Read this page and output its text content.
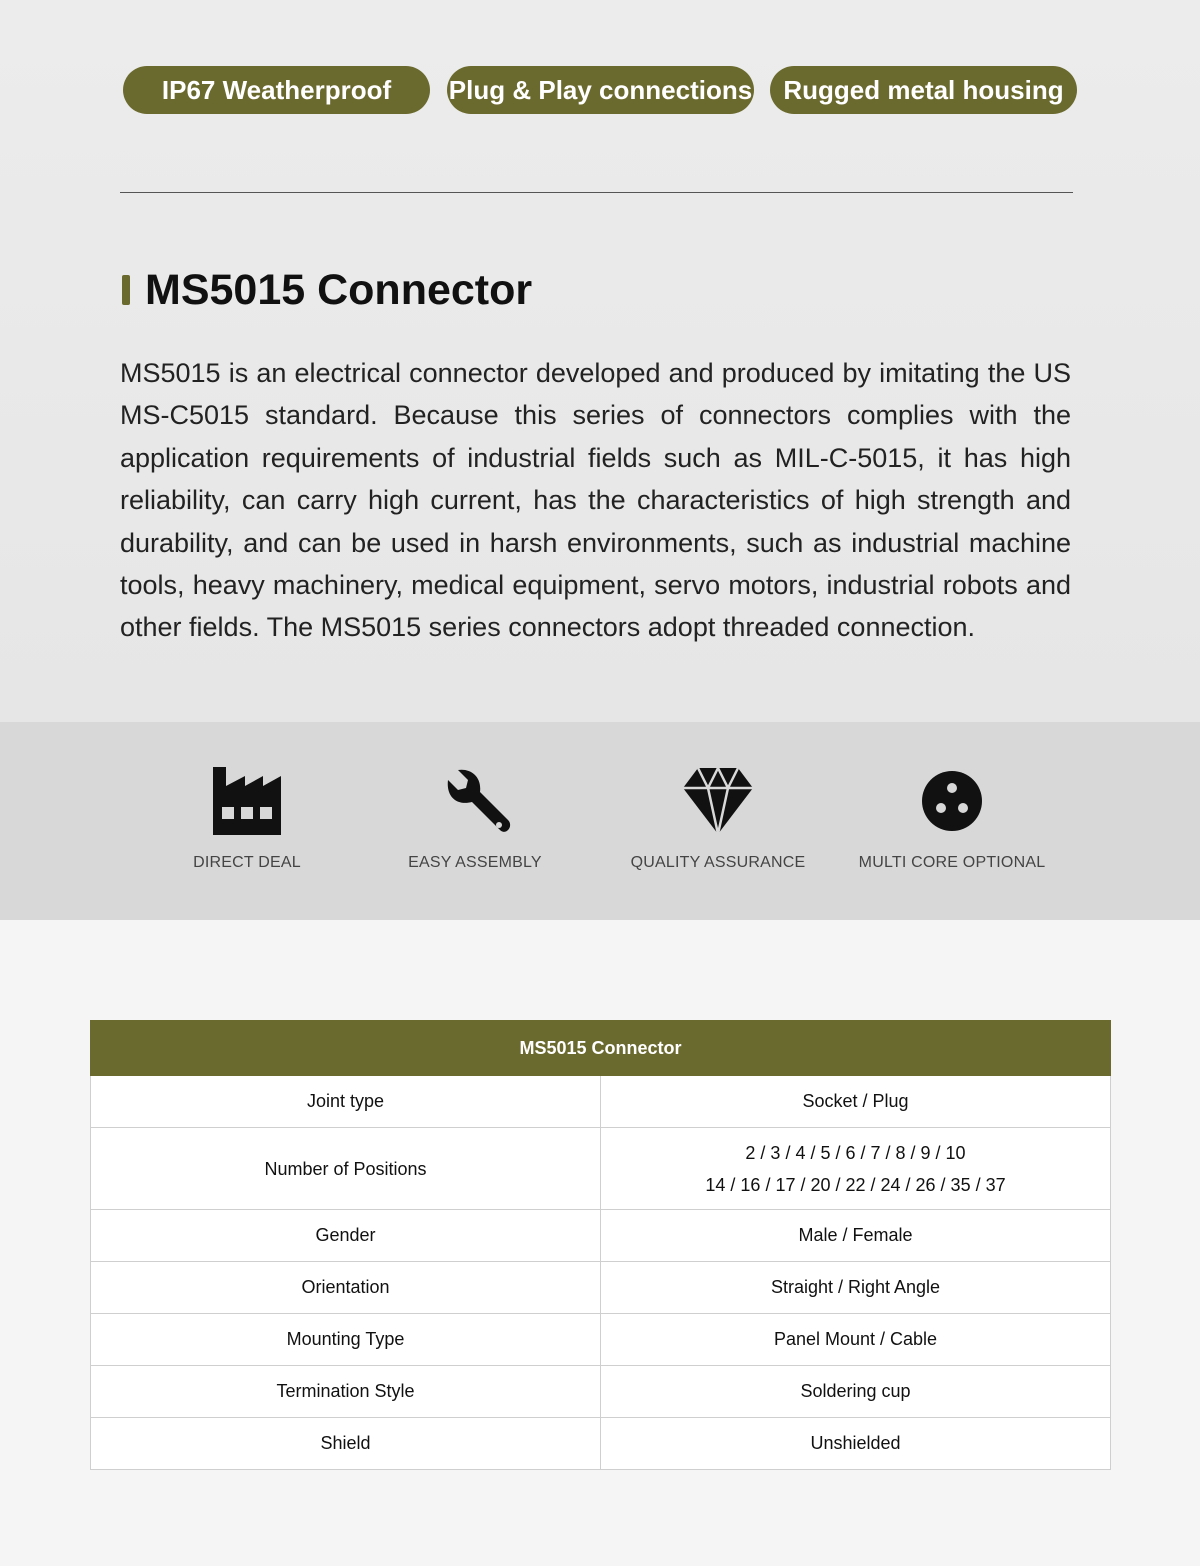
IP67 Weatherproof	Plug & Play connections	Rugged metal housing
MS5015 Connector

MS5015 is an electrical connector developed and produced by imitating the US MS-C5015 standard. Because this series of connectors complies with the application requirements of industrial fields such as MIL-C-5015, it has high reliability, can carry high current, has the characteristics of high strength and durability, and can be used in harsh environments, such as industrial machine tools, heavy machinery, medical equipment, servo motors, industrial robots and other fields. The MS5015 series connectors adopt threaded connection.

DIRECT DEAL	EASY ASSEMBLY	QUALITY ASSURANCE	MULTI CORE OPTIONAL
MS5015 Connector	
Joint type	Socket / Plug
Number of Positions	2 / 3 / 4 / 5 / 6 / 7 / 8 / 9 / 10
14 / 16 / 17 / 20 / 22 / 24 / 26 / 35 / 37

Gender	Male / Female
Orientation	Straight / Right Angle
Mounting Type	Panel Mount / Cable
Termination Style	Soldering cup
Shield	Unshielded
